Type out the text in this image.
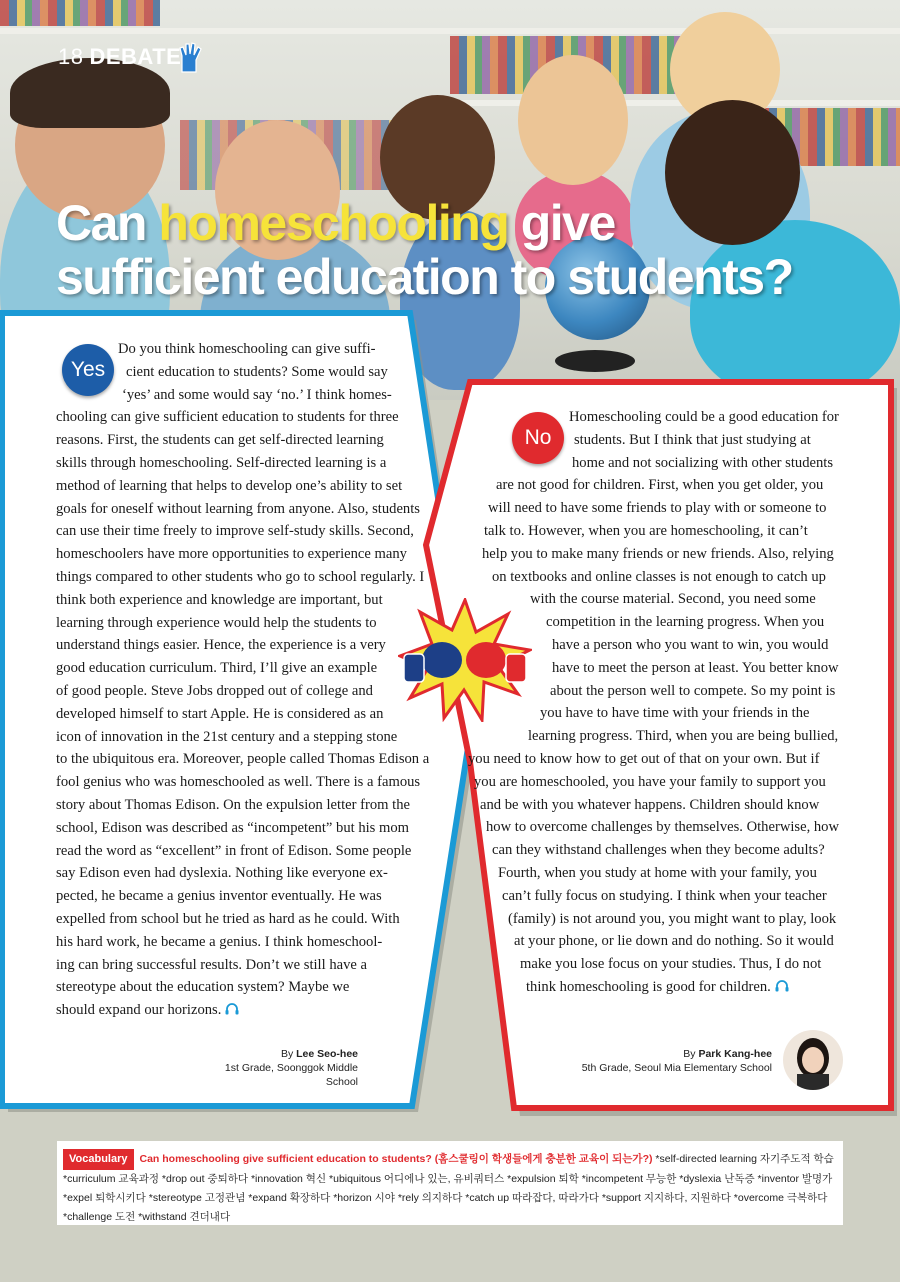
18 DEBATE
Can homeschooling give
sufficient education to students?
Yes
No
Do you think homeschooling can give suffi-
cient education to students? Some would say
‘yes’ and some would say ‘no.’ I think homes-
chooling can give sufficient education to students for three
reasons. First, the students can get self-directed learning
skills through homeschooling. Self-directed learning is a
method of learning that helps to develop one’s ability to set
goals for oneself without learning from anyone. Also, students
can use their time freely to improve self-study skills. Second,
homeschoolers have more opportunities to experience many
things compared to other students who go to school regularly. I
think both experience and knowledge are important, but
learning through experience would help the students to
understand things easier. Hence, the experience is a very
good education curriculum. Third, I’ll give an example
of good people. Steve Jobs dropped out of college and
developed himself to start Apple. He is considered as an
icon of innovation in the 21st century and a stepping stone
to the ubiquitous era. Moreover, people called Thomas Edison a
fool genius who was homeschooled as well. There is a famous
story about Thomas Edison. On the expulsion letter from the
school, Edison was described as “incompetent” but his mom
read the word as “excellent” in front of Edison. Some people
say Edison even had dyslexia. Nothing like everyone ex-
pected, he became a genius inventor eventually. He was
expelled from school but he tried as hard as he could. With
his hard work, he became a genius. I think homeschool-
ing can bring successful results. Don’t we still have a
stereotype about the education system? Maybe we
should expand our horizons.
By Lee Seo-hee
1st Grade, Soonggok Middle School
Homeschooling could be a good education for
students. But I think that just studying at
home and not socializing with other students
are not good for children. First, when you get older, you
will need to have some friends to play with or someone to
talk to. However, when you are homeschooling, it can’t
help you to make many friends or new friends. Also, relying
on textbooks and online classes is not enough to catch up
with the course material. Second, you need some
competition in the learning progress. When you
have a person who you want to win, you would
have to meet the person at least. You better know
about the person well to compete. So my point is
you have to have time with your friends in the
learning progress. Third, when you are being bullied,
you need to know how to get out of that on your own. But if
you are homeschooled, you have your family to support you
and be with you whatever happens. Children should know
how to overcome challenges by themselves. Otherwise, how
can they withstand challenges when they become adults?
Fourth, when you study at home with your family, you
can’t fully focus on studying. I think when your teacher
(family) is not around you, you might want to play, look
at your phone, or lie down and do nothing. So it would
make you lose focus on your studies. Thus, I do not
think homeschooling is good for children.
By Park Kang-hee
5th Grade, Seoul Mia Elementary School
Vocabulary Can homeschooling give sufficient education to students? (홈스쿨링이 학생들에게 충분한 교육이 되는가?) *self-directed learning 자기주도적 학습 *curriculum 교육과정 *drop out 중퇴하다 *innovation 혁신 *ubiquitous 어디에나 있는, 유비쿼터스 *expulsion 퇴학 *incompetent 무능한 *dyslexia 난독증 *inventor 발명가 *expel 퇴학시키다 *stereotype 고정관념 *expand 확장하다 *horizon 시야 *rely 의지하다 *catch up 따라잡다, 따라가다 *support 지지하다, 지원하다 *overcome 극복하다 *challenge 도전 *withstand 견더내다
